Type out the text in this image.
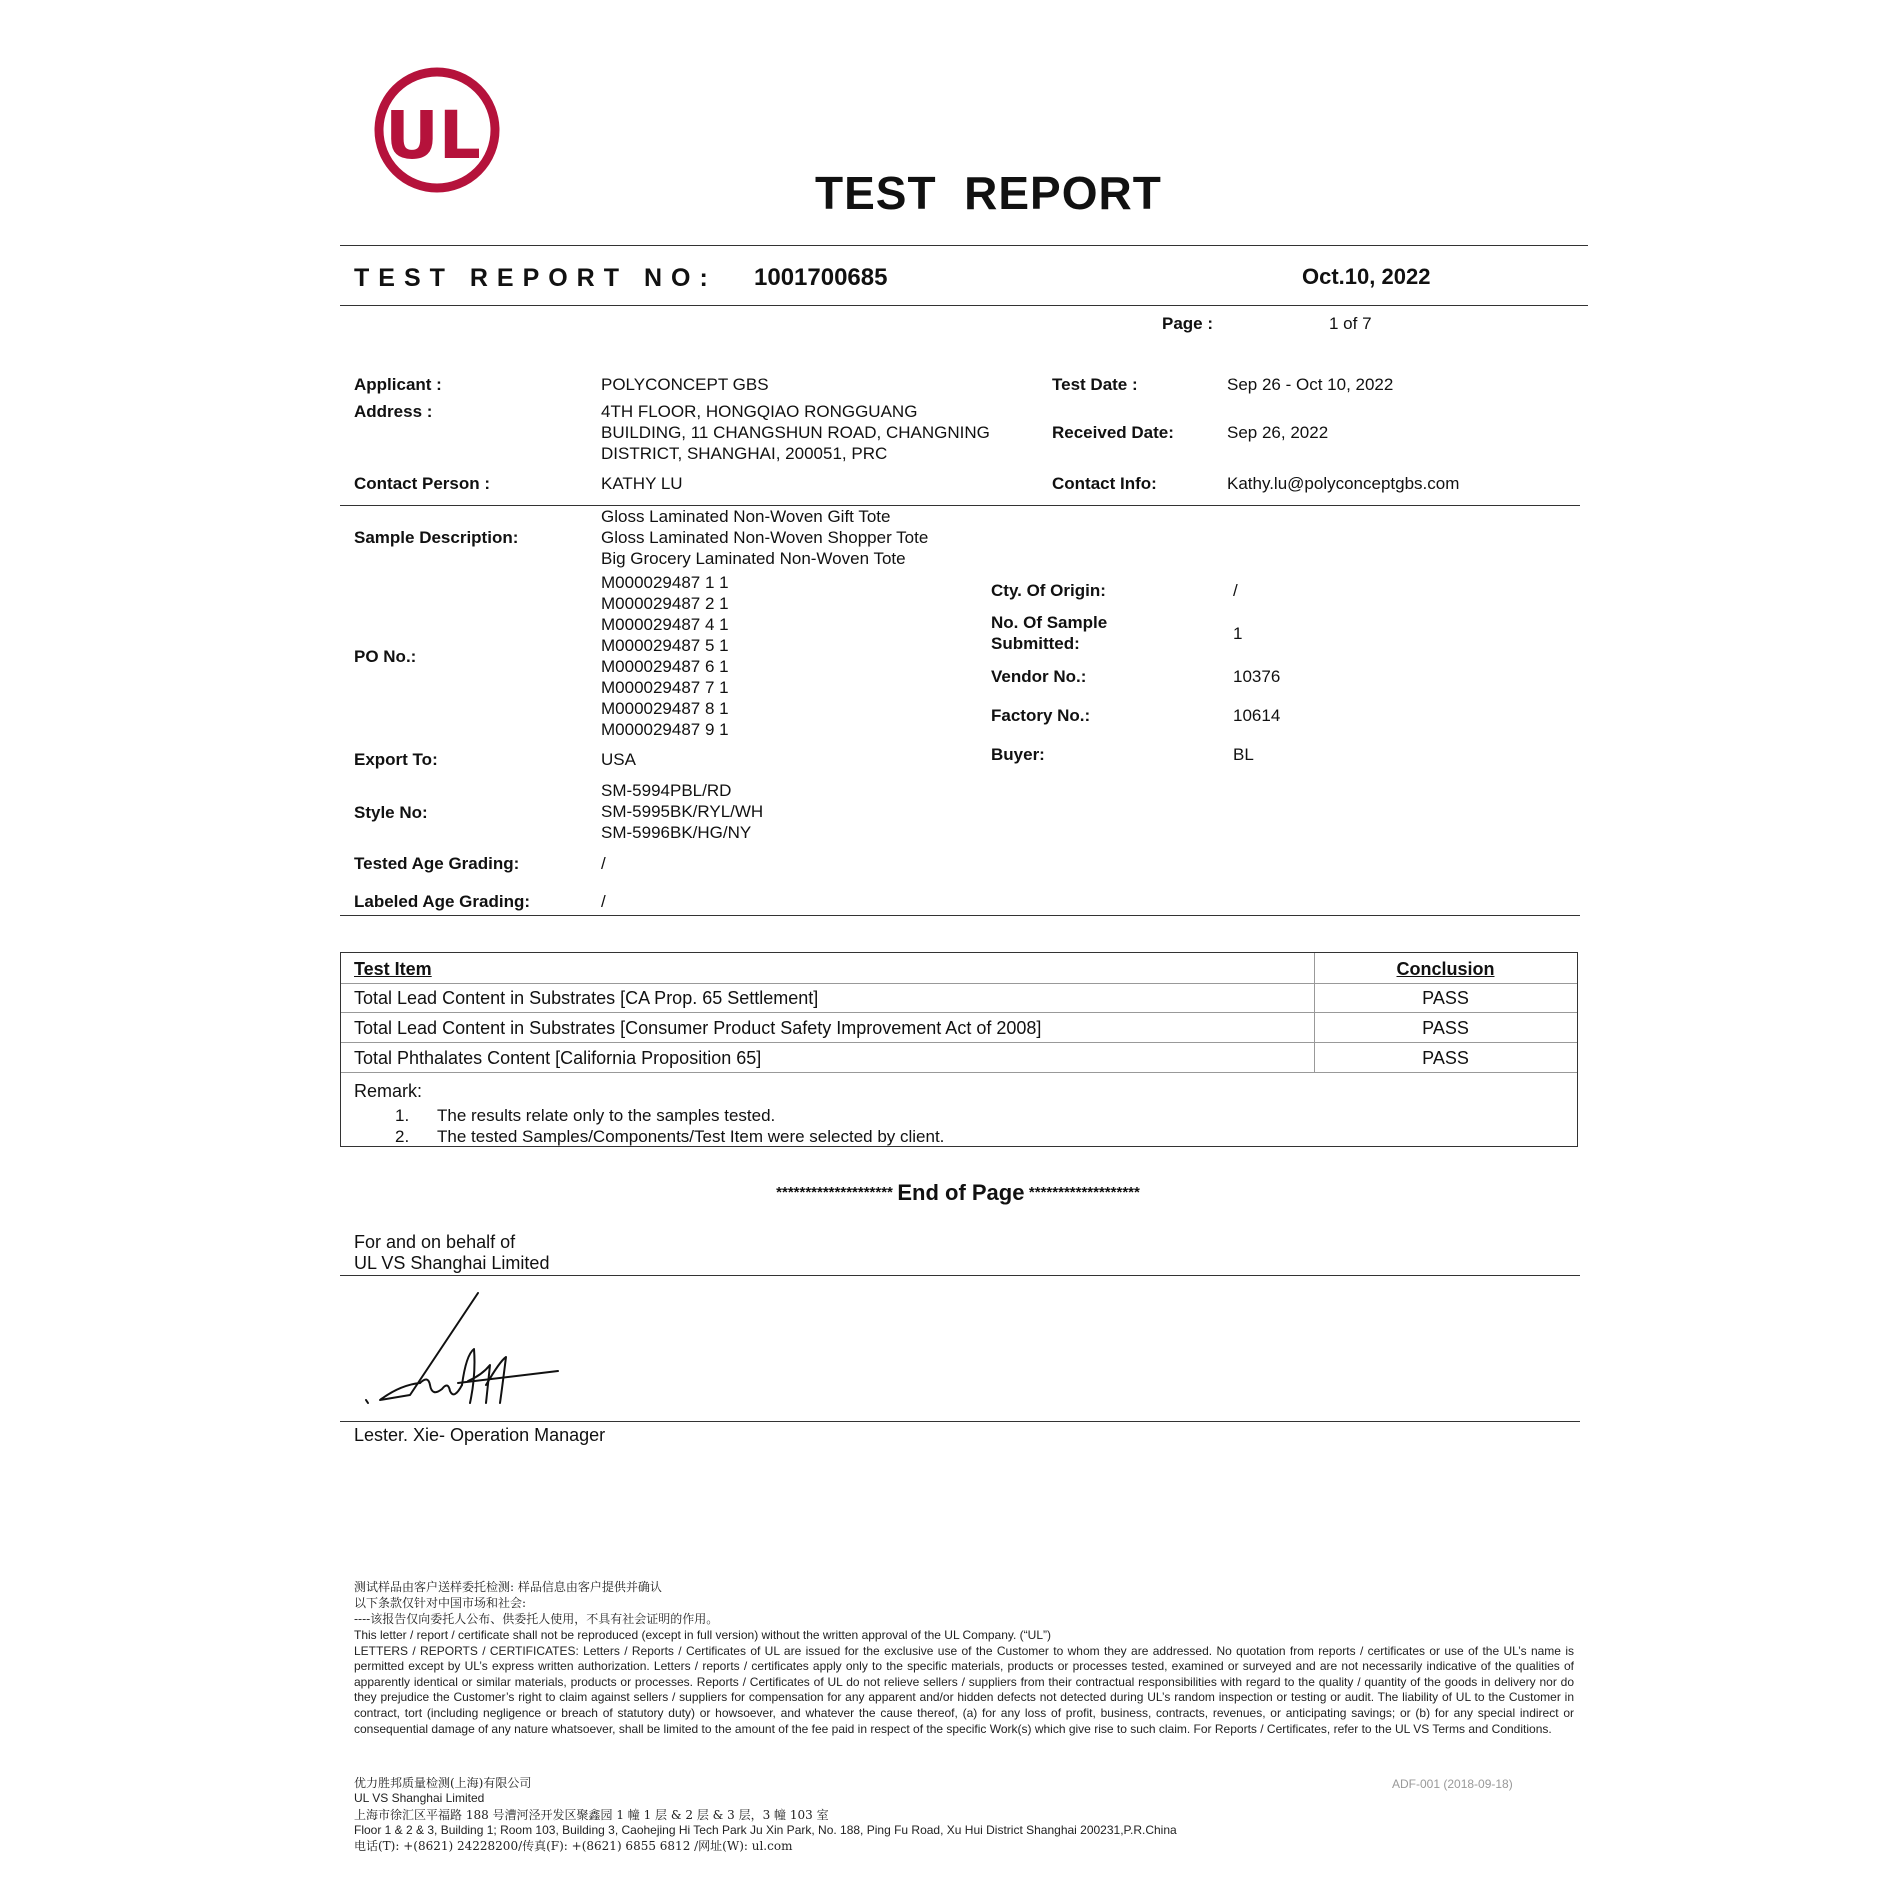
UL
TEST  REPORT
TEST REPORT NO: 1001700685	Oct.10, 2022
Page :	1 of 7
Applicant :	POLYCONCEPT GBS
Address :	4TH FLOOR, HONGQIAO RONGGUANG
BUILDING, 11 CHANGSHUN ROAD, CHANGNING
DISTRICT, SHANGHAI, 200051, PRC
Contact Person :	KATHY LU
Test Date :	Sep 26 - Oct 10, 2022
Received Date:	Sep 26, 2022
Contact Info:	Kathy.lu@polyconceptgbs.com
Sample Description:
Gloss Laminated Non-Woven Gift Tote
Gloss Laminated Non-Woven Shopper Tote
Big Grocery Laminated Non-Woven Tote
PO No.:
M000029487 1 1
M000029487 2 1
M000029487 4 1
M000029487 5 1
M000029487 6 1
M000029487 7 1
M000029487 8 1
M000029487 9 1
Cty. Of Origin:	/
No. Of Sample
Submitted:
1
Vendor No.:	10376
Factory No.:	10614
Export To:	USA	Buyer:	BL
Style No:
SM-5994PBL/RD
SM-5995BK/RYL/WH
SM-5996BK/HG/NY
Tested Age Grading:	/
Labeled Age Grading:	/
Test Item	Conclusion
Total Lead Content in Substrates [CA Prop. 65 Settlement]	PASS
Total Lead Content in Substrates [Consumer Product Safety Improvement Act of 2008]	PASS
Total Phthalates Content [California Proposition 65]	PASS
Remark:
1. The results relate only to the samples tested.
2. The tested Samples/Components/Test Item were selected by client.
******************** End of Page *******************
For and on behalf of
UL VS Shanghai Limited
Lester. Xie- Operation Manager
测试样品由客户送样委托检测: 样品信息由客户提供并确认
以下条款仅针对中国市场和社会:
----该报告仅向委托人公布、供委托人使用，不具有社会证明的作用。
This letter / report / certificate shall not be reproduced (except in full version) without the written approval of the UL Company. (“UL”)
LETTERS / REPORTS / CERTIFICATES: Letters / Reports / Certificates of UL are issued for the exclusive use of the Customer to whom they are addressed. No quotation from reports / certificates or use of the UL’s name is permitted except by UL’s express written authorization. Letters / reports / certificates apply only to the specific materials, products or processes tested, examined or surveyed and are not necessarily indicative of the qualities of apparently identical or similar materials, products or processes. Reports / Certificates of UL do not relieve sellers / suppliers from their contractual responsibilities with regard to the quality / quantity of the goods in delivery nor do they prejudice the Customer’s right to claim against sellers / suppliers for compensation for any apparent and/or hidden defects not detected during UL’s random inspection or testing or audit. The liability of UL to the Customer in contract, tort (including negligence or breach of statutory duty) or howsoever, and whatever the cause thereof, (a) for any loss of profit, business, contracts, revenues, or anticipating savings; or (b) for any special indirect or consequential damage of any nature whatsoever, shall be limited to the amount of the fee paid in respect of the specific Work(s) which give rise to such claim. For Reports / Certificates, refer to the UL VS Terms and Conditions.
优力胜邦质量检测(上海)有限公司
UL VS Shanghai Limited
上海市徐汇区平福路 188 号漕河泾开发区聚鑫园 1 幢 1 层 & 2 层 & 3 层，3 幢 103 室
Floor 1 & 2 & 3, Building 1; Room 103, Building 3, Caohejing Hi Tech Park Ju Xin Park, No. 188, Ping Fu Road, Xu Hui District Shanghai 200231,P.R.China
电话(T): +(8621) 24228200/传真(F): +(8621) 6855 6812 /网址(W): ul.com
ADF-001 (2018-09-18)
